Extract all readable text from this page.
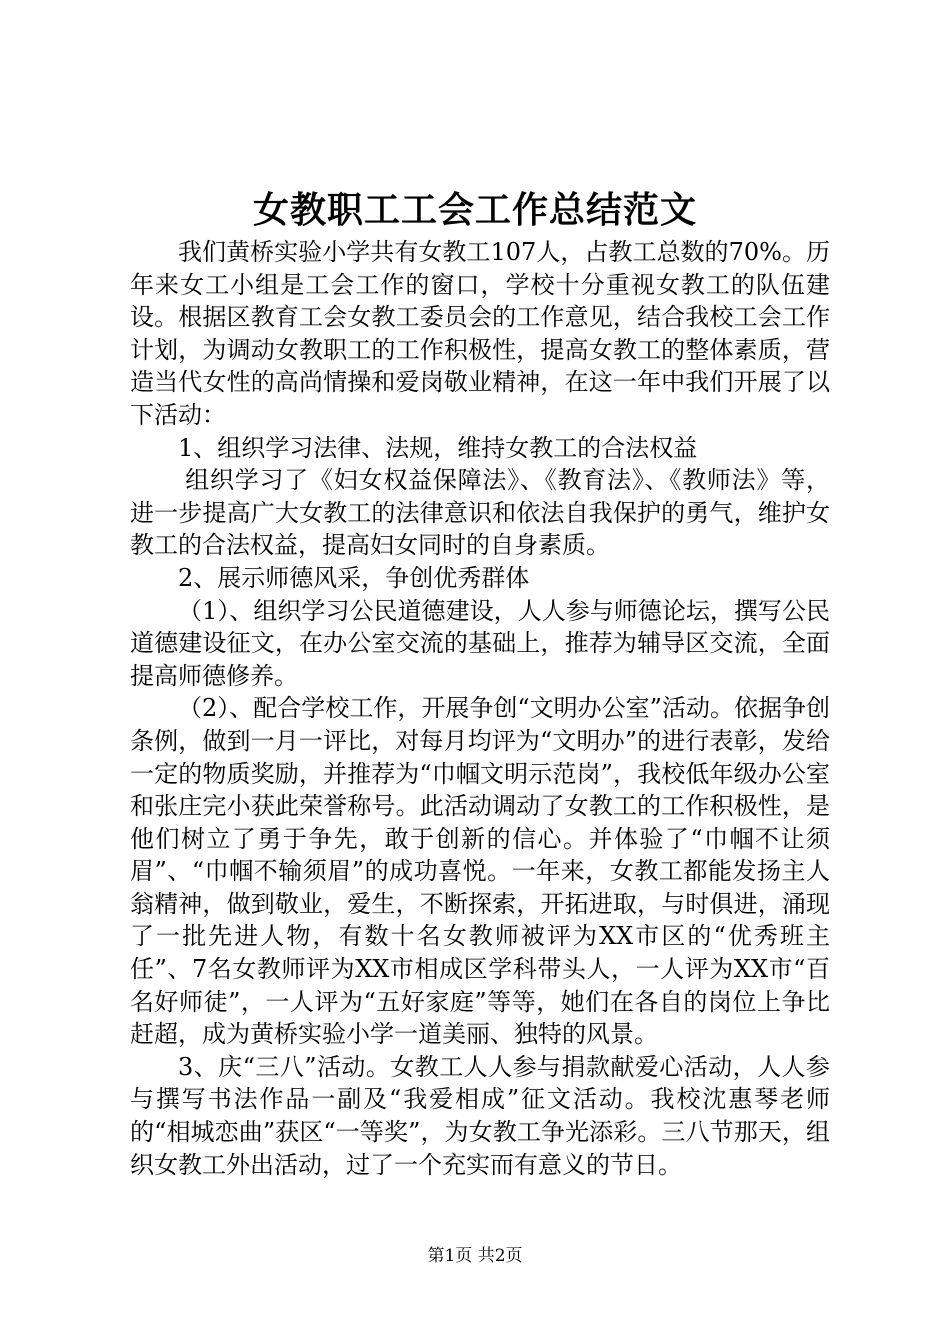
女教职工工会工作总结范文

我们黄桥实验小学共有女教工107人，占教工总数的70%。历年来女工小组是工会工作的窗口，学校十分重视女教工的队伍建设。根据区教育工会女教工委员会的工作意见，结合我校工会工作计划，为调动女教职工的工作积极性，提高女教工的整体素质，营造当代女性的高尚情操和爱岗敬业精神，在这一年中我们开展了以下活动：

1、组织学习法律、法规，维持女教工的合法权益

组织学习了《妇女权益保障法》、《教育法》、《教师法》等，进一步提高广大女教工的法律意识和依法自我保护的勇气，维护女教工的合法权益，提高妇女同时的自身素质。

2、展示师德风采，争创优秀群体

（1）、组织学习公民道德建设，人人参与师德论坛，撰写公民道德建设征文，在办公室交流的基础上，推荐为辅导区交流，全面提高师德修养。

（2）、配合学校工作，开展争创“文明办公室”活动。依据争创条例，做到一月一评比，对每月均评为“文明办”的进行表彰，发给一定的物质奖励，并推荐为“巾帼文明示范岗”，我校低年级办公室和张庄完小获此荣誉称号。此活动调动了女教工的工作积极性，是他们树立了勇于争先，敢于创新的信心。并体验了“巾帼不让须眉”、“巾帼不输须眉”的成功喜悦。一年来，女教工都能发扬主人翁精神，做到敬业，爱生，不断探索，开拓进取，与时俱进，涌现了一批先进人物，有数十名女教师被评为XX市区的“优秀班主任”、7名女教师评为XX市相成区学科带头人，一人评为XX市“百名好师徒”，一人评为“五好家庭”等等，她们在各自的岗位上争比赶超，成为黄桥实验小学一道美丽、独特的风景。

3、庆“三八”活动。女教工人人参与捐款献爱心活动，人人参与撰写书法作品一副及“我爱相成”征文活动。我校沈惠琴老师的“相城恋曲”获区“一等奖”，为女教工争光添彩。三八节那天，组织女教工外出活动，过了一个充实而有意义的节日。

第1页 共2页
